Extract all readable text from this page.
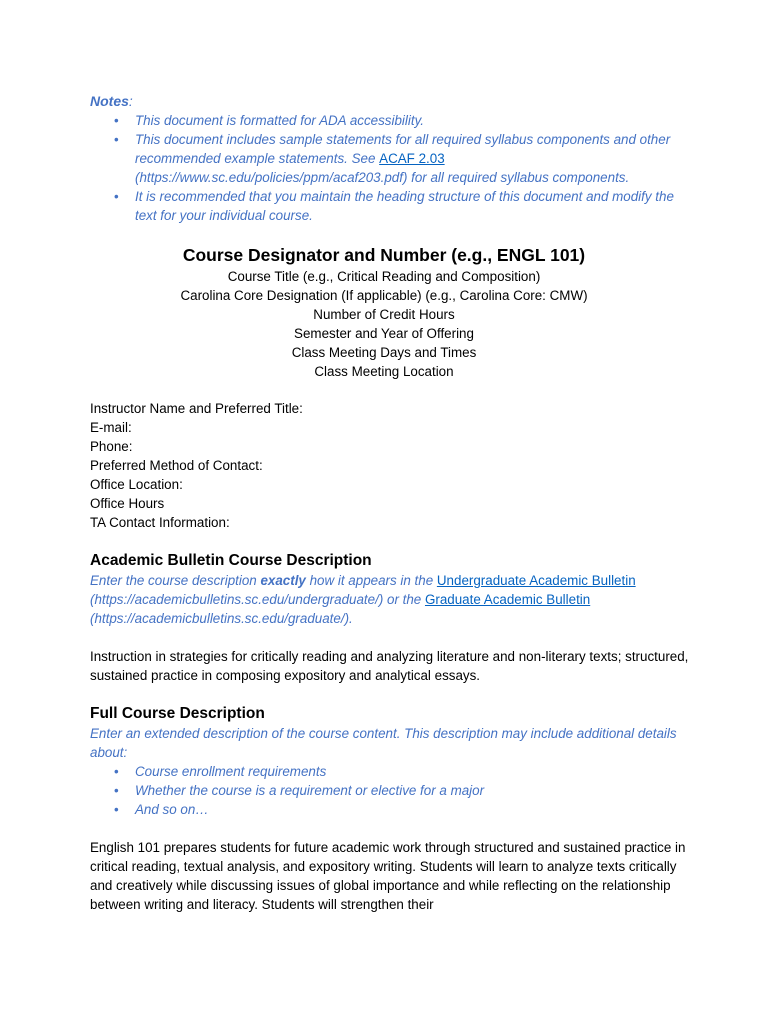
Notes:

• This document is formatted for ADA accessibility.
• This document includes sample statements for all required syllabus components and other recommended example statements. See ACAF 2.03 (https://www.sc.edu/policies/ppm/acaf203.pdf) for all required syllabus components.
• It is recommended that you maintain the heading structure of this document and modify the text for your individual course.

Course Designator and Number (e.g., ENGL 101)

Course Title (e.g., Critical Reading and Composition)

Carolina Core Designation (If applicable) (e.g., Carolina Core: CMW)

Number of Credit Hours

Semester and Year of Offering

Class Meeting Days and Times

Class Meeting Location

Instructor Name and Preferred Title:

E-mail:

Phone:

Preferred Method of Contact:

Office Location:

Office Hours

TA Contact Information:

Academic Bulletin Course Description

Enter the course description exactly how it appears in the Undergraduate Academic Bulletin (https://academicbulletins.sc.edu/undergraduate/) or the Graduate Academic Bulletin (https://academicbulletins.sc.edu/graduate/).

Instruction in strategies for critically reading and analyzing literature and non-literary texts; structured, sustained practice in composing expository and analytical essays.

Full Course Description

Enter an extended description of the course content. This description may include additional details about:

• Course enrollment requirements
• Whether the course is a requirement or elective for a major
• And so on…

English 101 prepares students for future academic work through structured and sustained practice in critical reading, textual analysis, and expository writing. Students will learn to analyze texts critically and creatively while discussing issues of global importance and while reflecting on the relationship between writing and literacy. Students will strengthen their
